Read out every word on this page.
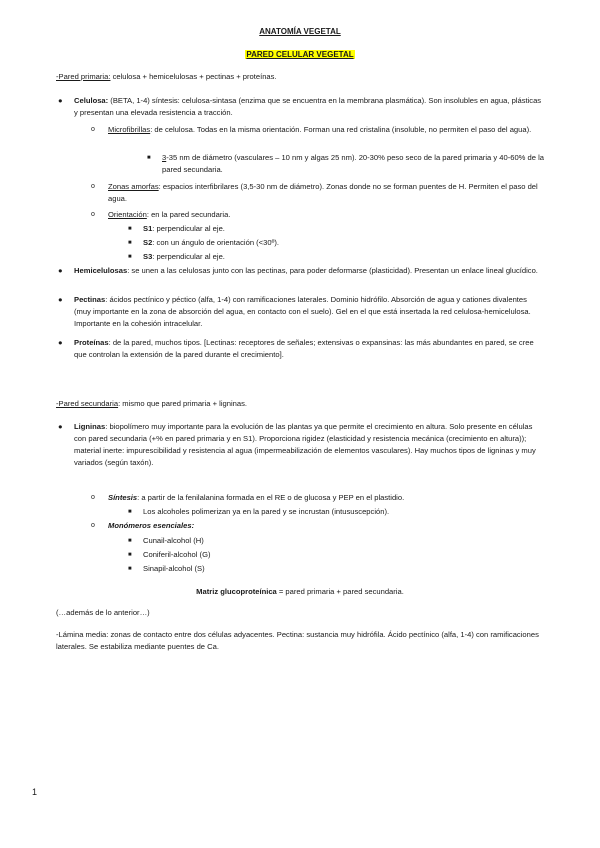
ANATOMÍA VEGETAL
PARED CELULAR VEGETAL

-Pared primaria: celulosa + hemicelulosas + pectinas + proteínas.

● Celulosa: (BETA, 1-4) síntesis: celulosa-sintasa (enzima que se encuentra en la membrana plasmática). Son insolubles en agua, plásticas y presentan una elevada resistencia a tracción.

o Microfibrillas: de celulosa. Todas en la misma orientación. Forman una red cristalina (insoluble, no permiten el paso del agua).

■ 3-35 nm de diámetro (vasculares – 10 nm y algas 25 nm). 20-30% peso seco de la pared primaria y 40-60% de la pared secundaria.

o Zonas amorfas: espacios interfibrilares (3,5-30 nm de diámetro). Zonas donde no se forman puentes de H. Permiten el paso del agua.

o Orientación: en la pared secundaria.

■ S1: perpendicular al eje.

■ S2: con un ángulo de orientación (<30º).

■ S3: perpendicular al eje.

● Hemicelulosas: se unen a las celulosas junto con las pectinas, para poder deformarse (plasticidad). Presentan un enlace lineal glucídico.

● Pectinas: ácidos pectínico y péctico (alfa, 1-4) con ramificaciones laterales. Dominio hidrófilo. Absorción de agua y cationes divalentes (muy importante en la zona de absorción del agua, en contacto con el suelo). Gel en el que está insertada la red celulosa-hemicelulosa. Importante en la cohesión intracelular.

● Proteínas: de la pared, muchos tipos. [Lectinas: receptores de señales; extensivas o expansinas: las más abundantes en pared, se cree que controlan la extensión de la pared durante el crecimiento].

-Pared secundaria: mismo que pared primaria + ligninas.

● Ligninas: biopolímero muy importante para la evolución de las plantas ya que permite el crecimiento en altura. Solo presente en células con pared secundaria (+% en pared primaria y en S1). Proporciona rigidez (elasticidad y resistencia mecánica (crecimiento en altura)); material inerte: impurescibilidad y resistencia al agua (impermeabilización de elementos vasculares). Hay muchos tipos de ligninas y muy variados (según taxón).

o Síntesis: a partir de la fenilalanina formada en el RE o de glucosa y PEP en el plastidio.

■ Los alcoholes polimerizan ya en la pared y se incrustan (intususcepción).

o Monómeros esenciales:

■ Cunail-alcohol (H)

■ Coniferil-alcohol (G)

■ Sinapil-alcohol (S)

Matriz glucoproteínica = pared primaria + pared secundaria.

(…además de lo anterior…)

-Lámina media: zonas de contacto entre dos células adyacentes. Pectina: sustancia muy hidrófila. Ácido pectínico (alfa, 1-4) con ramificaciones laterales. Se estabiliza mediante puentes de Ca.

1
